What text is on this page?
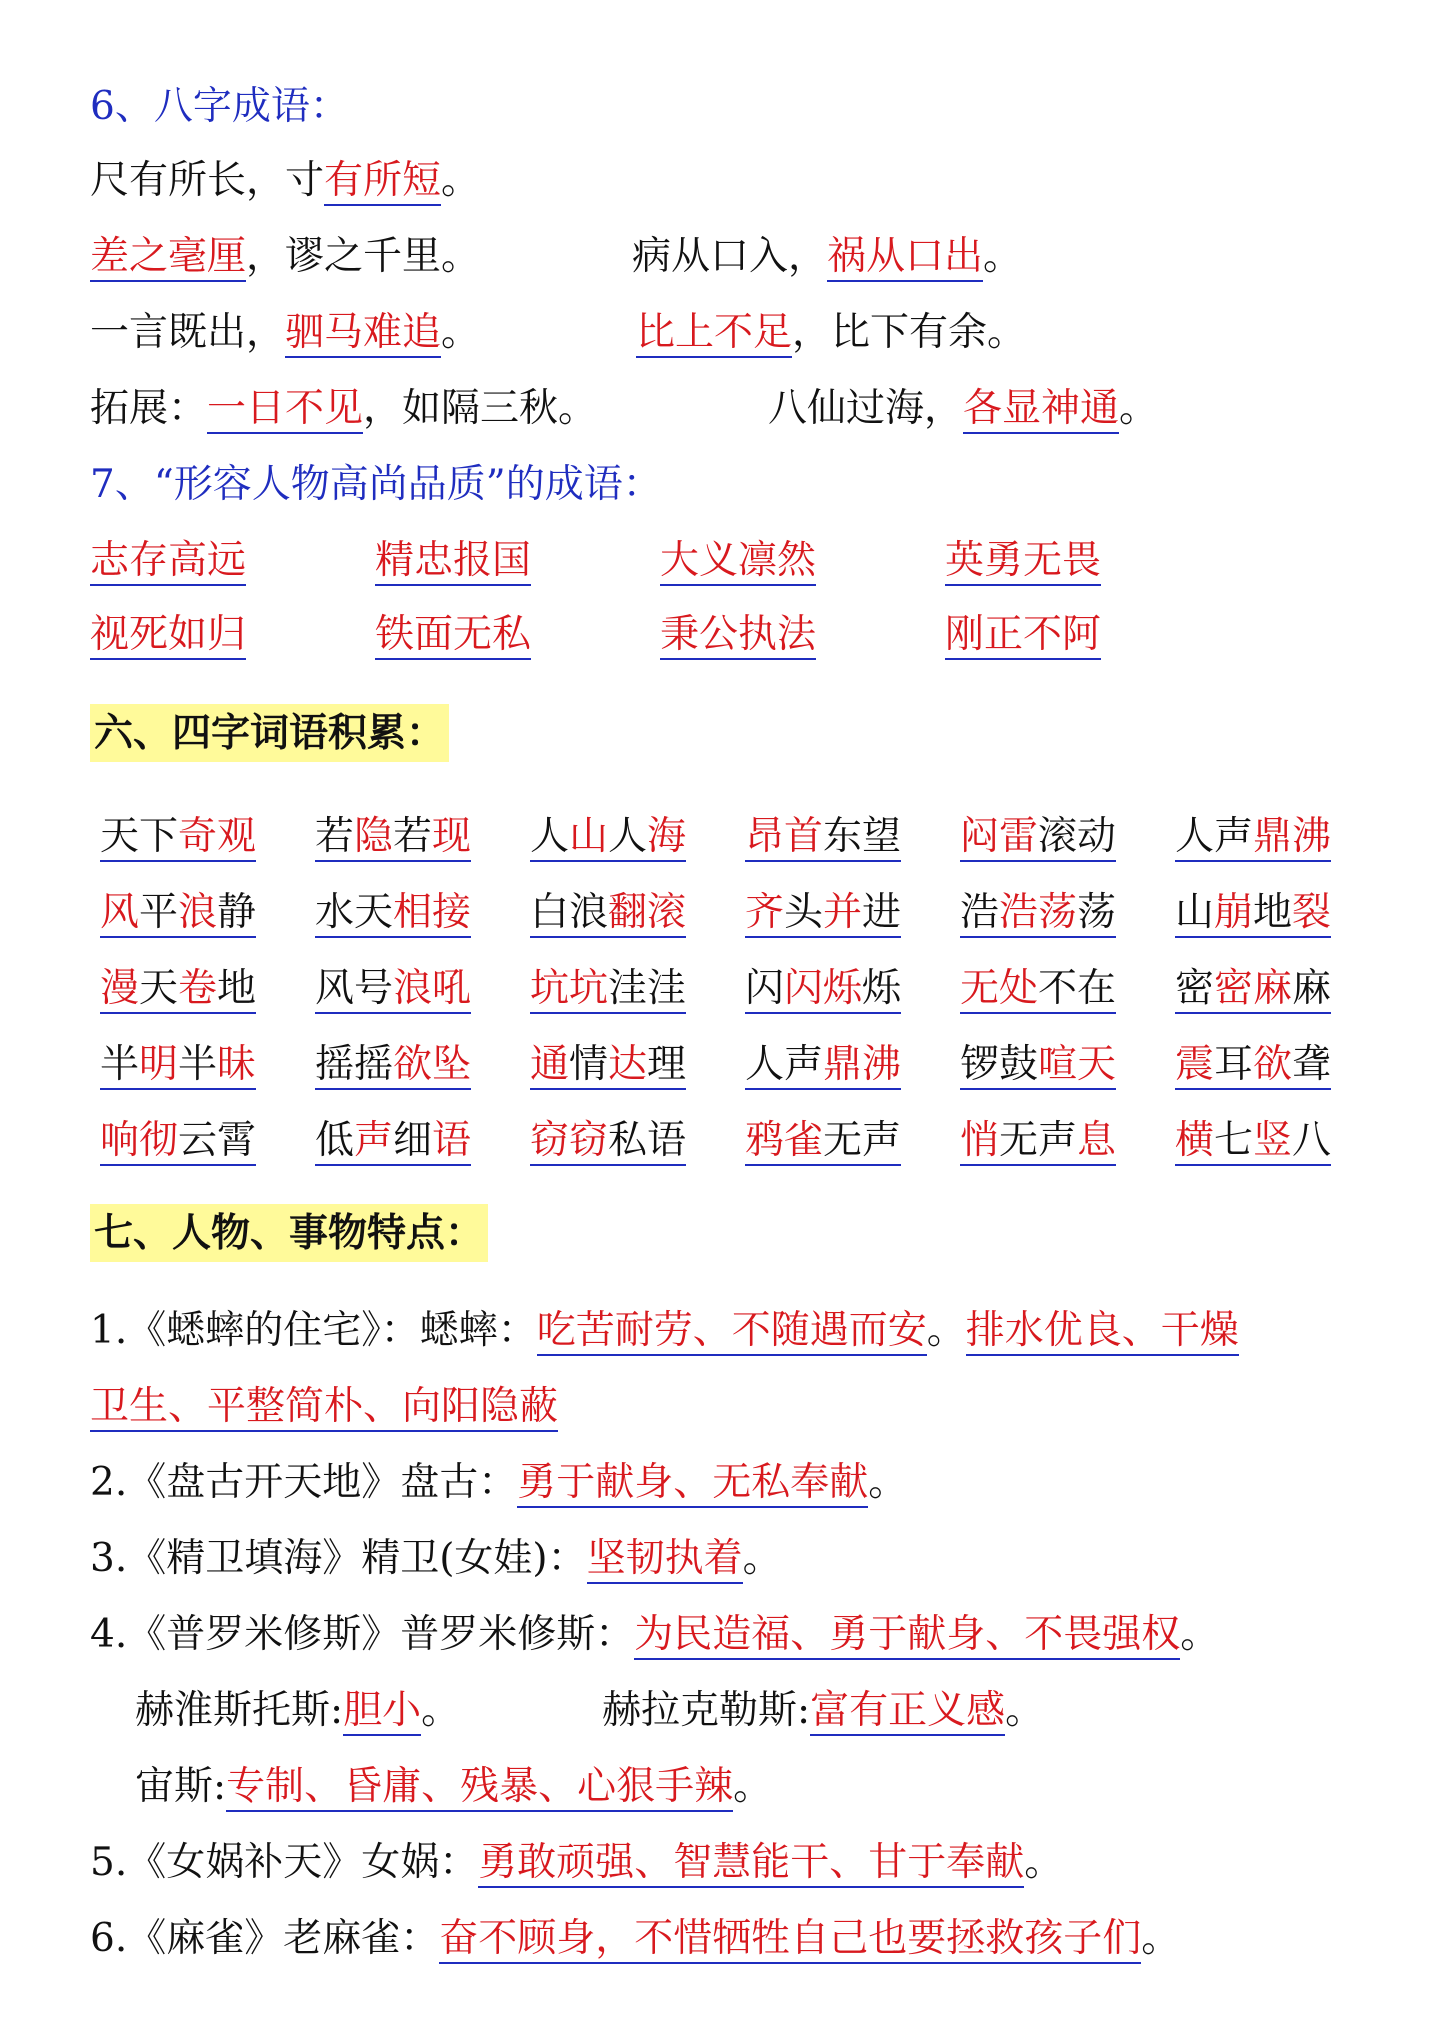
6、八字成语：
尺有所长，寸有所短。
差之毫厘，谬之千里。	病从口入，祸从口出。
一言既出，驷马难追。	比上不足，比下有余。
拓展：一日不见，如隔三秋。	八仙过海，各显神通。
7、“形容人物高尚品质”的成语：
志存高远	精忠报国	大义凛然	英勇无畏
视死如归	铁面无私	秉公执法	刚正不阿
六、四字词语积累：
天下奇观 若隐若现 人山人海 昂首东望 闷雷滚动 人声鼎沸
风平浪静 水天相接 白浪翻滚 齐头并进 浩浩荡荡 山崩地裂
漫天卷地 风号浪吼 坑坑洼洼 闪闪烁烁 无处不在 密密麻麻
半明半昧 摇摇欲坠 通情达理 人声鼎沸 锣鼓喧天 震耳欲聋
响彻云霄 低声细语 窃窃私语 鸦雀无声 悄无声息 横七竖八
七、人物、事物特点：
1.《蟋蟀的住宅》：蟋蟀：吃苦耐劳、不随遇而安。排水优良、干燥
卫生、平整简朴、向阳隐蔽
2.《盘古开天地》盘古：勇于献身、无私奉献。
3.《精卫填海》精卫(女娃)：坚韧执着。
4.《普罗米修斯》普罗米修斯：为民造福、勇于献身、不畏强权。
赫淮斯托斯:胆小。	赫拉克勒斯:富有正义感。
宙斯:专制、昏庸、残暴、心狠手辣。
5.《女娲补天》女娲：勇敢顽强、智慧能干、甘于奉献。
6.《麻雀》老麻雀：奋不顾身，不惜牺牲自己也要拯救孩子们。
